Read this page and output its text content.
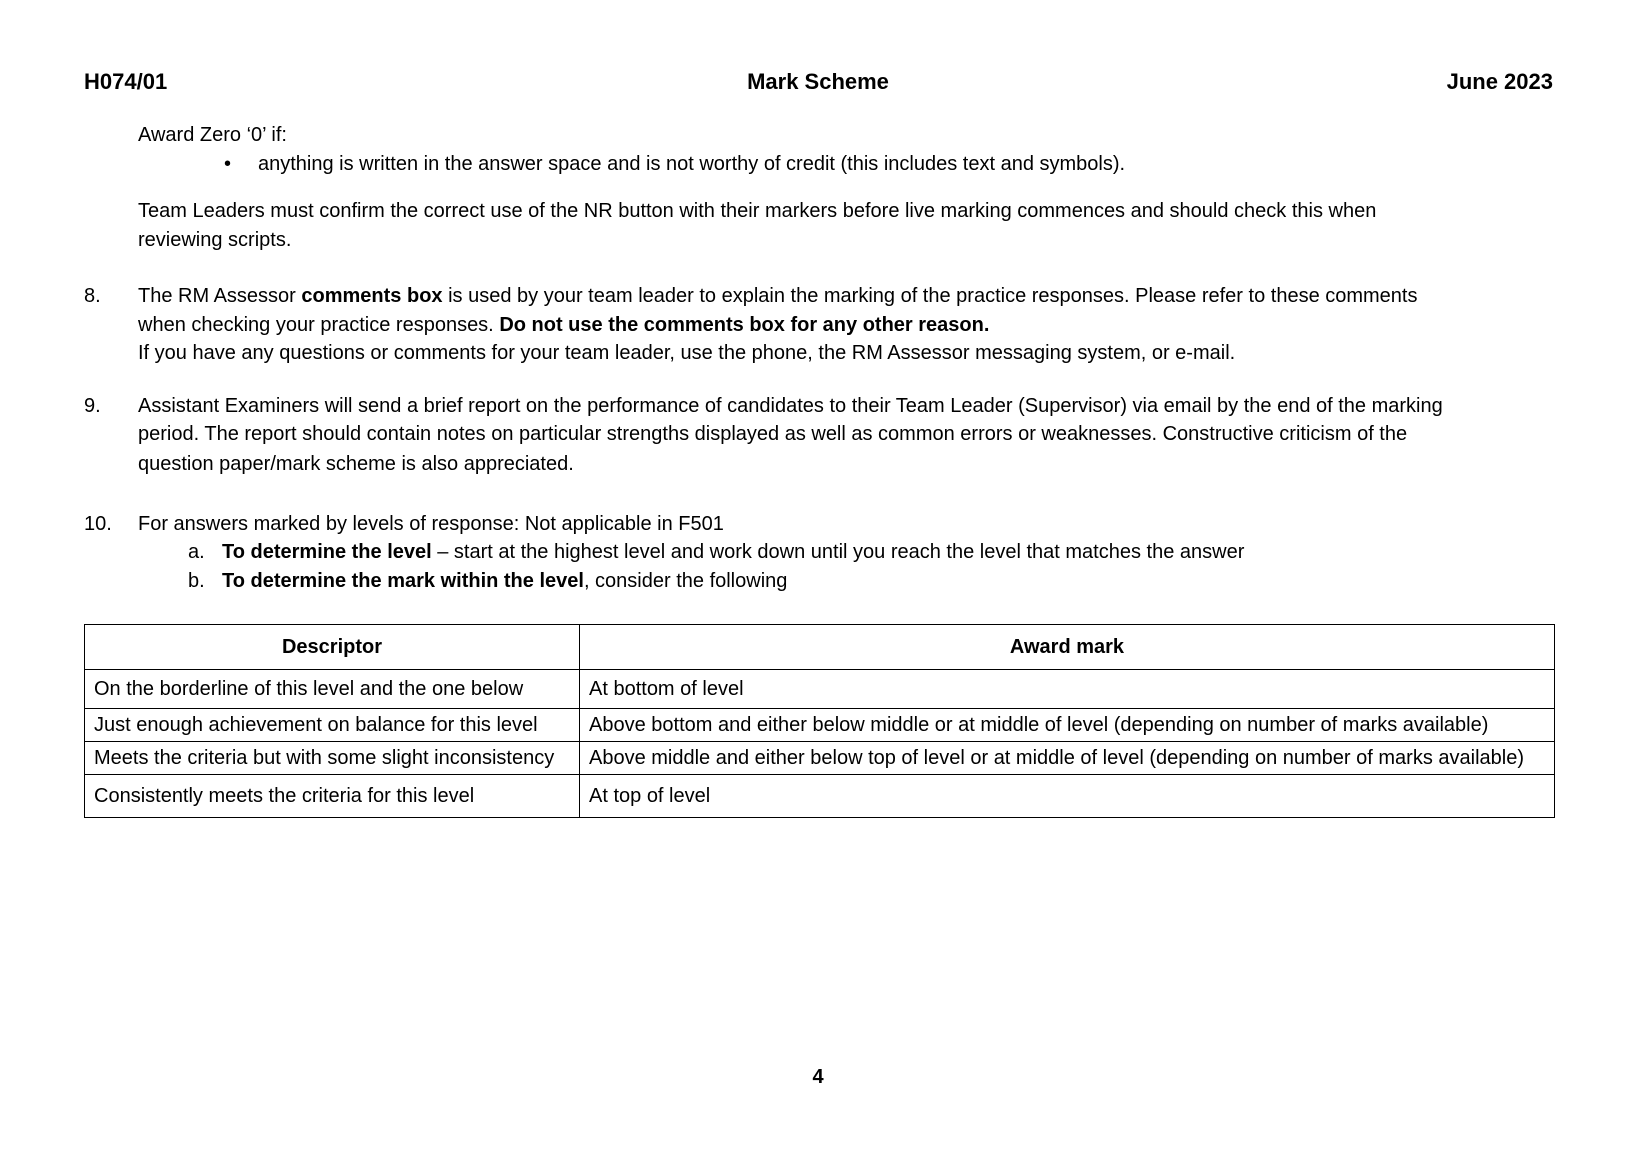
H074/01	Mark Scheme	June 2023
Award Zero ‘0’ if:
• anything is written in the answer space and is not worthy of credit (this includes text and symbols).
Team Leaders must confirm the correct use of the NR button with their markers before live marking commences and should check this when
reviewing scripts.
8. The RM Assessor comments box is used by your team leader to explain the marking of the practice responses. Please refer to these comments
when checking your practice responses. Do not use the comments box for any other reason.
If you have any questions or comments for your team leader, use the phone, the RM Assessor messaging system, or e-mail.
9. Assistant Examiners will send a brief report on the performance of candidates to their Team Leader (Supervisor) via email by the end of the marking
period. The report should contain notes on particular strengths displayed as well as common errors or weaknesses. Constructive criticism of the
question paper/mark scheme is also appreciated.
10. For answers marked by levels of response: Not applicable in F501
a. To determine the level – start at the highest level and work down until you reach the level that matches the answer
b. To determine the mark within the level, consider the following
Descriptor	Award mark
On the borderline of this level and the one below	At bottom of level
Just enough achievement on balance for this level	Above bottom and either below middle or at middle of level (depending on number of marks available)
Meets the criteria but with some slight inconsistency	Above middle and either below top of level or at middle of level (depending on number of marks available)
Consistently meets the criteria for this level	At top of level
4
